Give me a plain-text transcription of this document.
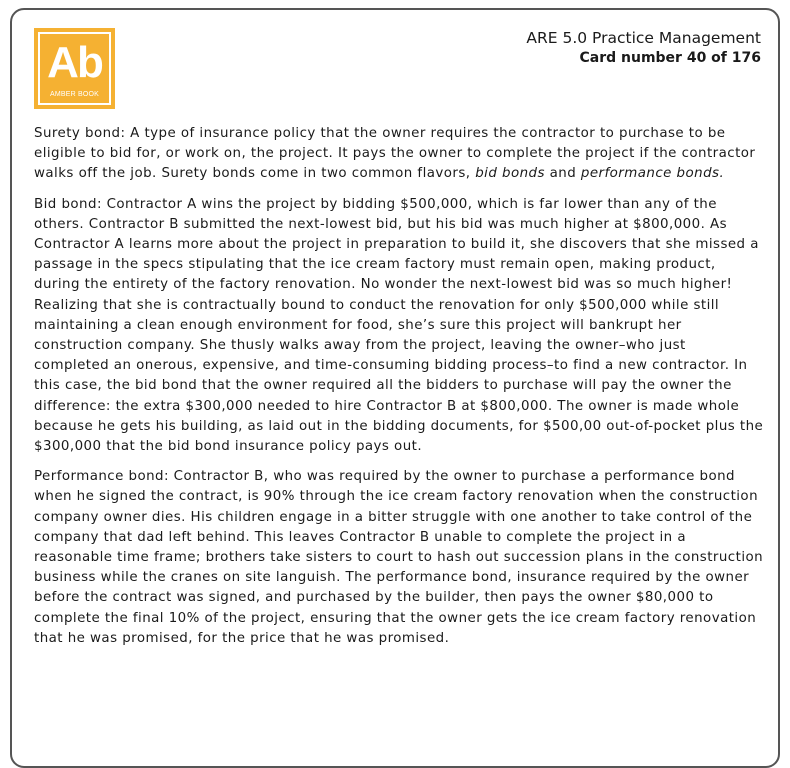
Ab
AMBER BOOK
ARE 5.0 Practice Management
Card number 40 of 176

Surety bond: A type of insurance policy that the owner requires the contractor to purchase to be eligible to bid for, or work on, the project. It pays the owner to complete the project if the contractor walks off the job. Surety bonds come in two common flavors, bid bonds and performance bonds.

Bid bond: Contractor A wins the project by bidding $500,000, which is far lower than any of the others. Contractor B submitted the next-lowest bid, but his bid was much higher at $800,000. As Contractor A learns more about the project in preparation to build it, she discovers that she missed a passage in the specs stipulating that the ice cream factory must remain open, making product, during the entirety of the factory renovation. No wonder the next-lowest bid was so much higher! Realizing that she is contractually bound to conduct the renovation for only $500,000 while still maintaining a clean enough environment for food, she’s sure this project will bankrupt her construction company. She thusly walks away from the project, leaving the owner–who just completed an onerous, expensive, and time-consuming bidding process–to find a new contractor. In this case, the bid bond that the owner required all the bidders to purchase will pay the owner the difference: the extra $300,000 needed to hire Contractor B at $800,000. The owner is made whole because he gets his building, as laid out in the bidding documents, for $500,00 out-of-pocket plus the $300,000 that the bid bond insurance policy pays out.

Performance bond: Contractor B, who was required by the owner to purchase a performance bond when he signed the contract, is 90% through the ice cream factory renovation when the construction company owner dies. His children engage in a bitter struggle with one another to take control of the company that dad left behind. This leaves Contractor B unable to complete the project in a reasonable time frame; brothers take sisters to court to hash out succession plans in the construction business while the cranes on site languish. The performance bond, insurance required by the owner before the contract was signed, and purchased by the builder, then pays the owner $80,000 to complete the final 10% of the project, ensuring that the owner gets the ice cream factory renovation that he was promised, for the price that he was promised.
